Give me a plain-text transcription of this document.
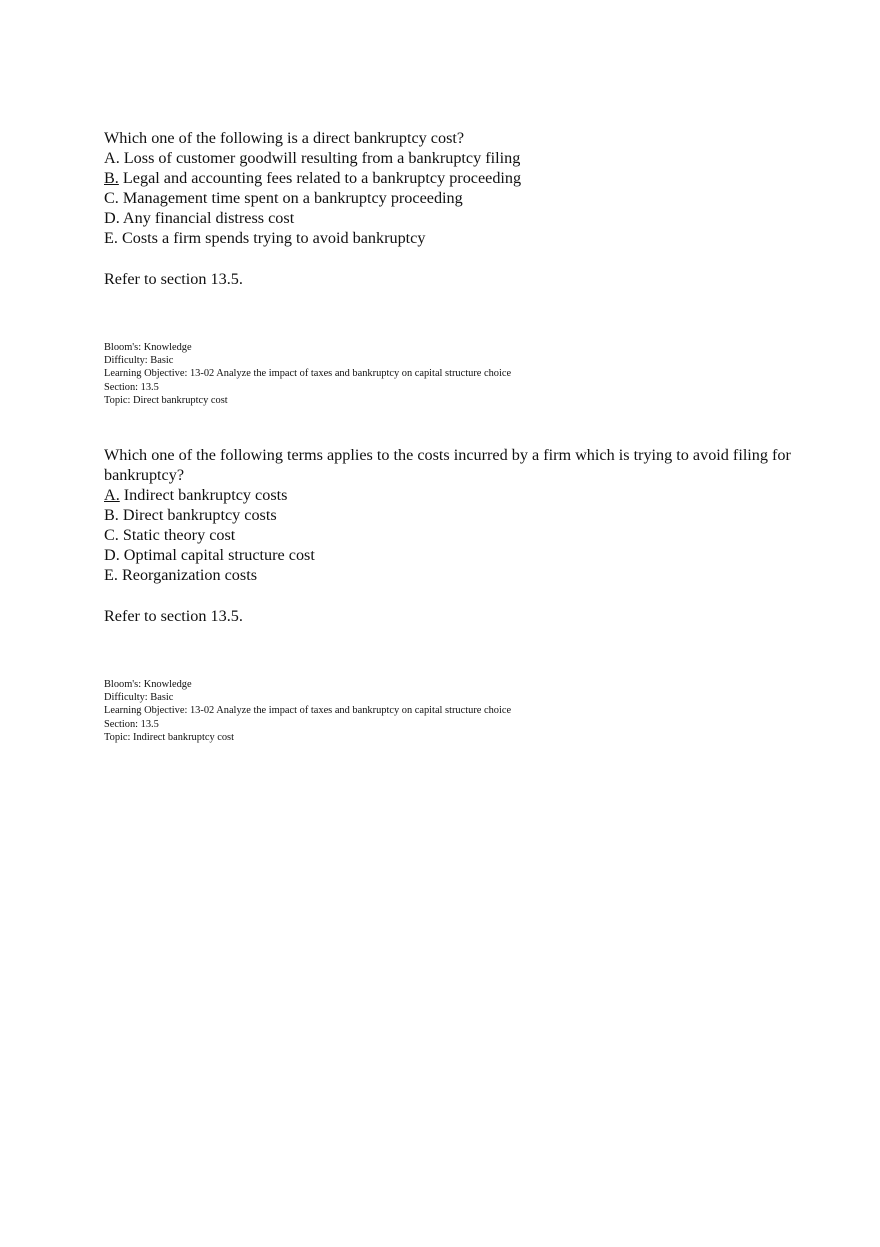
Which one of the following is a direct bankruptcy cost?

A. Loss of customer goodwill resulting from a bankruptcy filing

B. Legal and accounting fees related to a bankruptcy proceeding

C. Management time spent on a bankruptcy proceeding

D. Any financial distress cost

E. Costs a firm spends trying to avoid bankruptcy

Refer to section 13.5.

Bloom's: Knowledge
Difficulty: Basic
Learning Objective: 13-02 Analyze the impact of taxes and bankruptcy on capital structure choice
Section: 13.5
Topic: Direct bankruptcy cost

Which one of the following terms applies to the costs incurred by a firm which is trying to avoid filing for bankruptcy?

A. Indirect bankruptcy costs

B. Direct bankruptcy costs

C. Static theory cost

D. Optimal capital structure cost

E. Reorganization costs

Refer to section 13.5.

Bloom's: Knowledge
Difficulty: Basic
Learning Objective: 13-02 Analyze the impact of taxes and bankruptcy on capital structure choice
Section: 13.5
Topic: Indirect bankruptcy cost
